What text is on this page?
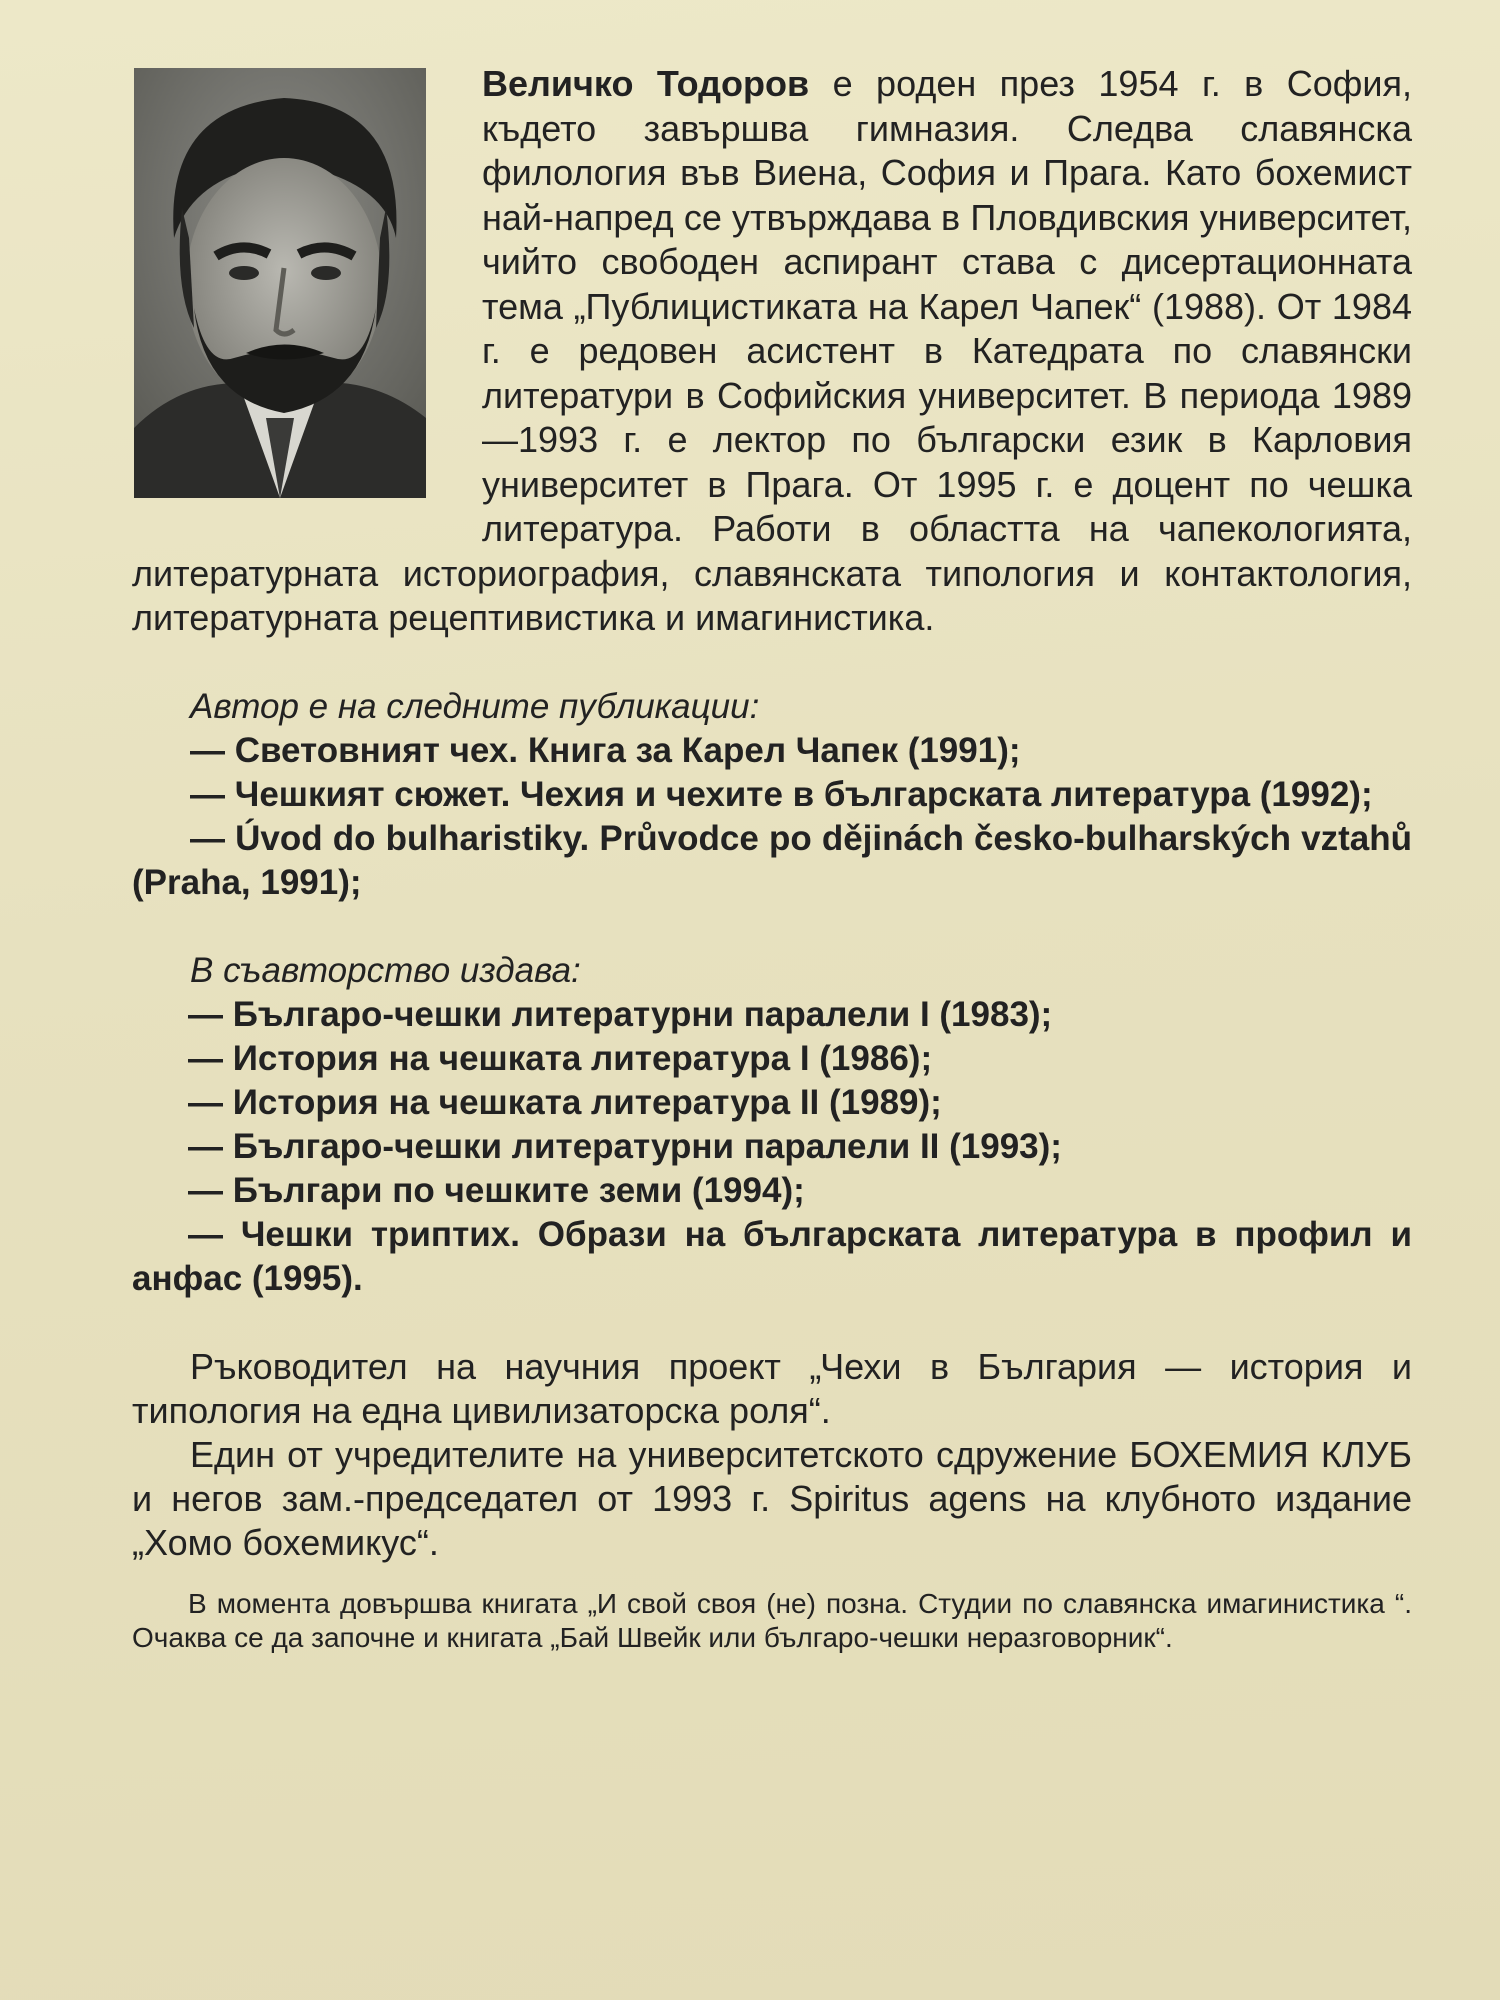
Величко Тодоров е роден през 1954 г. в София, където завършва гимназия. Следва славянска филология във Виена, София и Прага. Като бохемист най-напред се утвърждава в Пловдивския университет, чийто свободен аспирант става с дисертационната тема „Публицистиката на Карел Чапек“ (1988). От 1984 г. е редовен асистент в Катедрата по славянски литератури в Софийския университет. В периода 1989—1993 г. е лектор по български език в Карловия университет в Прага. От 1995 г. е доцент по чешка литература. Работи в областта на чапекологията, литературната историография, славянската типология и контактология, литературната рецептивистика и имагинистика.

Автор е на следните публикации:
— Световният чех. Книга за Карел Чапек (1991);
— Чешкият сюжет. Чехия и чехите в българската литература (1992);
— Úvod do bulharistiky. Průvodce po dějinách česko-bulharských vztahů (Praha, 1991);
В съавторство издава:
— Българо-чешки литературни паралели I (1983);
— История на чешката литература I (1986);
— История на чешката литература II (1989);
— Българо-чешки литературни паралели II (1993);
— Българи по чешките земи (1994);
— Чешки триптих. Образи на българската литература в профил и анфас (1995).

Ръководител на научния проект „Чехи в България — история и типология на една цивилизаторска роля“.

Един от учредителите на университетското сдружение БОХЕМИЯ КЛУБ и негов зам.-председател от 1993 г. Spiritus agens на клубното издание „Хомо бохемикус“.

В момента довършва книгата „И свой своя (не) позна. Студии по славянска имагинистика “. Очаква се да започне и книгата „Бай Швейк или българо-чешки неразговорник“.
